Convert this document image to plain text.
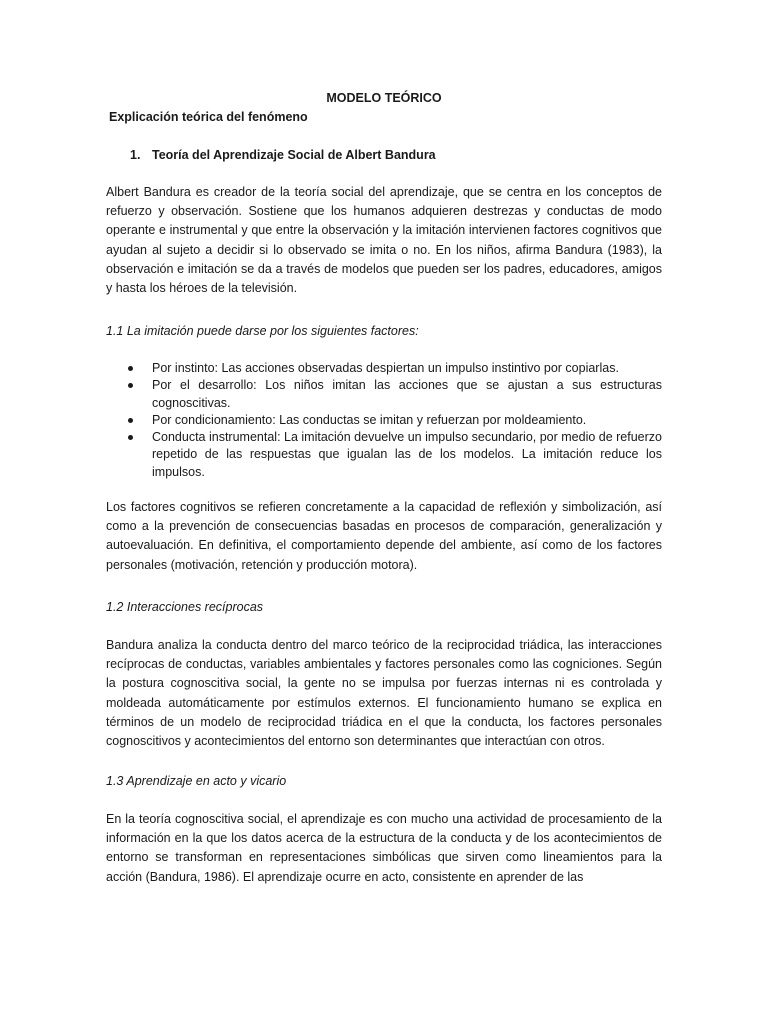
MODELO TEÓRICO
Explicación teórica del fenómeno
1. Teoría del Aprendizaje Social de Albert Bandura

Albert Bandura es creador de la teoría social del aprendizaje, que se centra en los conceptos de refuerzo y observación. Sostiene que los humanos adquieren destrezas y conductas de modo operante e instrumental y que entre la observación y la imitación intervienen factores cognitivos que ayudan al sujeto a decidir si lo observado se imita o no. En los niños, afirma Bandura (1983), la observación e imitación se da a través de modelos que pueden ser los padres, educadores, amigos y hasta los héroes de la televisión.

1.1 La imitación puede darse por los siguientes factores:
Por instinto: Las acciones observadas despiertan un impulso instintivo por copiarlas.
Por el desarrollo: Los niños imitan las acciones que se ajustan a sus estructuras cognoscitivas.
Por condicionamiento: Las conductas se imitan y refuerzan por moldeamiento.
Conducta instrumental: La imitación devuelve un impulso secundario, por medio de refuerzo repetido de las respuestas que igualan las de los modelos. La imitación reduce los impulsos.

Los factores cognitivos se refieren concretamente a la capacidad de reflexión y simbolización, así como a la prevención de consecuencias basadas en procesos de comparación, generalización y autoevaluación. En definitiva, el comportamiento depende del ambiente, así como de los factores personales (motivación, retención y producción motora).

1.2 Interacciones recíprocas

Bandura analiza la conducta dentro del marco teórico de la reciprocidad triádica, las interacciones recíprocas de conductas, variables ambientales y factores personales como las cogniciones. Según la postura cognoscitiva social, la gente no se impulsa por fuerzas internas ni es controlada y moldeada automáticamente por estímulos externos. El funcionamiento humano se explica en términos de un modelo de reciprocidad triádica en el que la conducta, los factores personales cognoscitivos y acontecimientos del entorno son determinantes que interactúan con otros.

1.3 Aprendizaje en acto y vicario

En la teoría cognoscitiva social, el aprendizaje es con mucho una actividad de procesamiento de la información en la que los datos acerca de la estructura de la conducta y de los acontecimientos de entorno se transforman en representaciones simbólicas que sirven como lineamientos para la acción (Bandura, 1986). El aprendizaje ocurre en acto, consistente en aprender de las
